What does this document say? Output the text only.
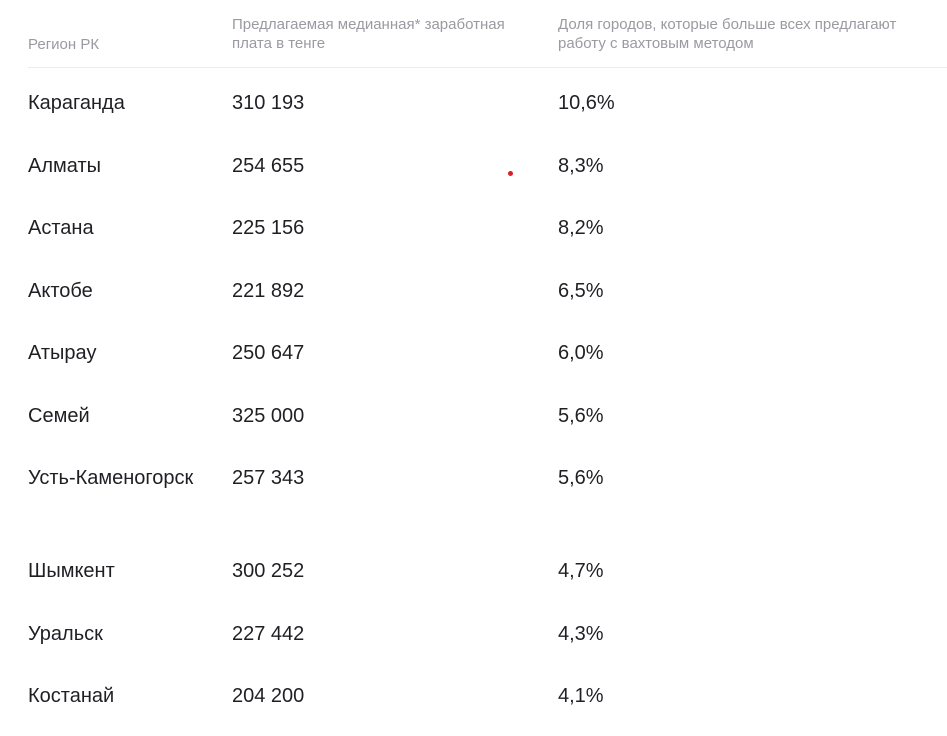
Регион РК
Предлагаемая медианная* заработная плата в тенге
Доля городов, которые больше всех предлагают работу с вахтовым методом
Караганда	310 193	10,6%
Алматы	254 655	8,3%
Астана	225 156	8,2%
Актобе	221 892	6,5%
Атырау	250 647	6,0%
Семей	325 000	5,6%
Усть-Каменогорск 257 343	5,6%
Шымкент	300 252	4,7%
Уральск	227 442	4,3%
Костанай	204 200	4,1%
